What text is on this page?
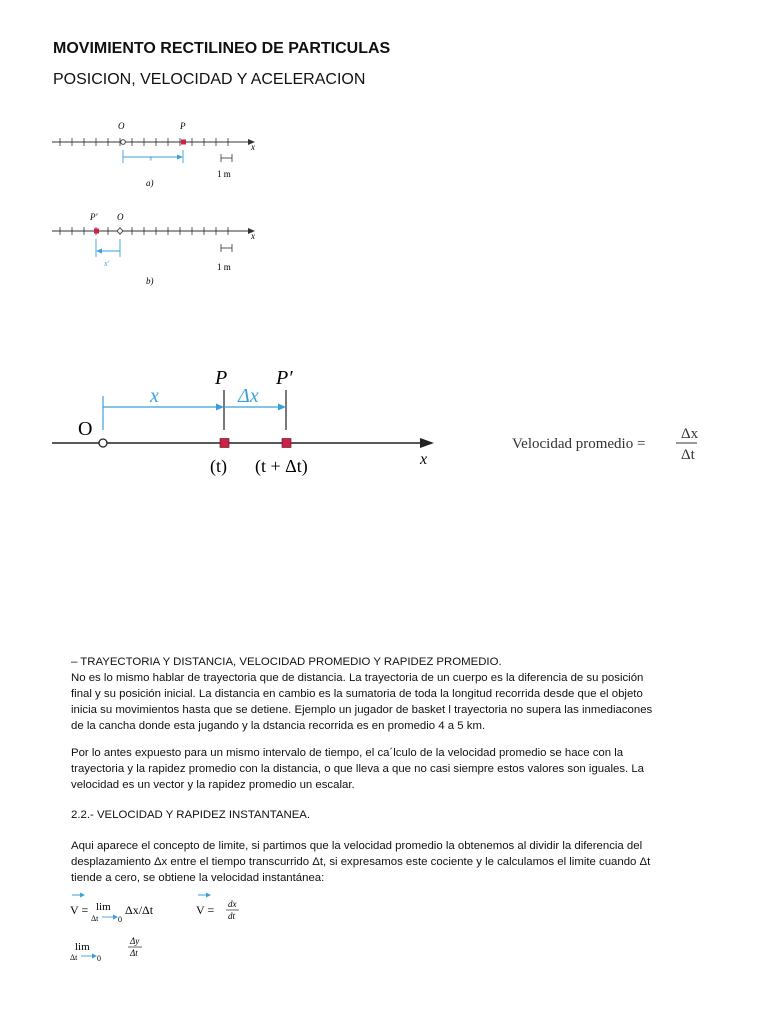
MOVIMIENTO RECTILINEO DE PARTICULAS
POSICION, VELOCIDAD Y ACELERACION
O	P
x
x
1 m
a)
P′ O
x
x′	1 m
b)
O
P P′
x	Δx
(t) (t + Δt)	x
Velocidad promedio =
Δx
Δt
– TRAYECTORIA Y DISTANCIA, VELOCIDAD PROMEDIO Y RAPIDEZ PROMEDIO.
No es lo mismo hablar de trayectoria que de distancia. La trayectoria de un cuerpo es la diferencia de su posición
final y su posición inicial. La distancia en cambio es la sumatoria de toda la longitud recorrida desde que el objeto
inicia su movimientos hasta que se detiene. Ejemplo un jugador de basket l trayectoria no supera las inmediacones
de la cancha donde esta jugando y la dstancia recorrida es en promedio 4 a 5 km.
Por lo antes expuesto para un mismo intervalo de tiempo, el ca´lculo de la velocidad promedio se hace con la
trayectoria y la rapidez promedio con la distancia, o que lleva a que no casi siempre estos valores son iguales. La
velocidad es un vector y la rapidez promedio un escalar.
2.2.- VELOCIDAD Y RAPIDEZ INSTANTANEA.
Aqui aparece el concepto de limite, si partimos que la velocidad promedio la obtenemos al dividir la diferencia del
desplazamiento Δx entre el tiempo transcurrido Δt, si expresamos este cociente y le calculamos el limite cuando Δt
tiende a cero, se obtiene la velocidad instantánea:
V = lim
Δt 0
Δx/Δt	V = dx
dt
lim
Δt 0
Δy
Δt
